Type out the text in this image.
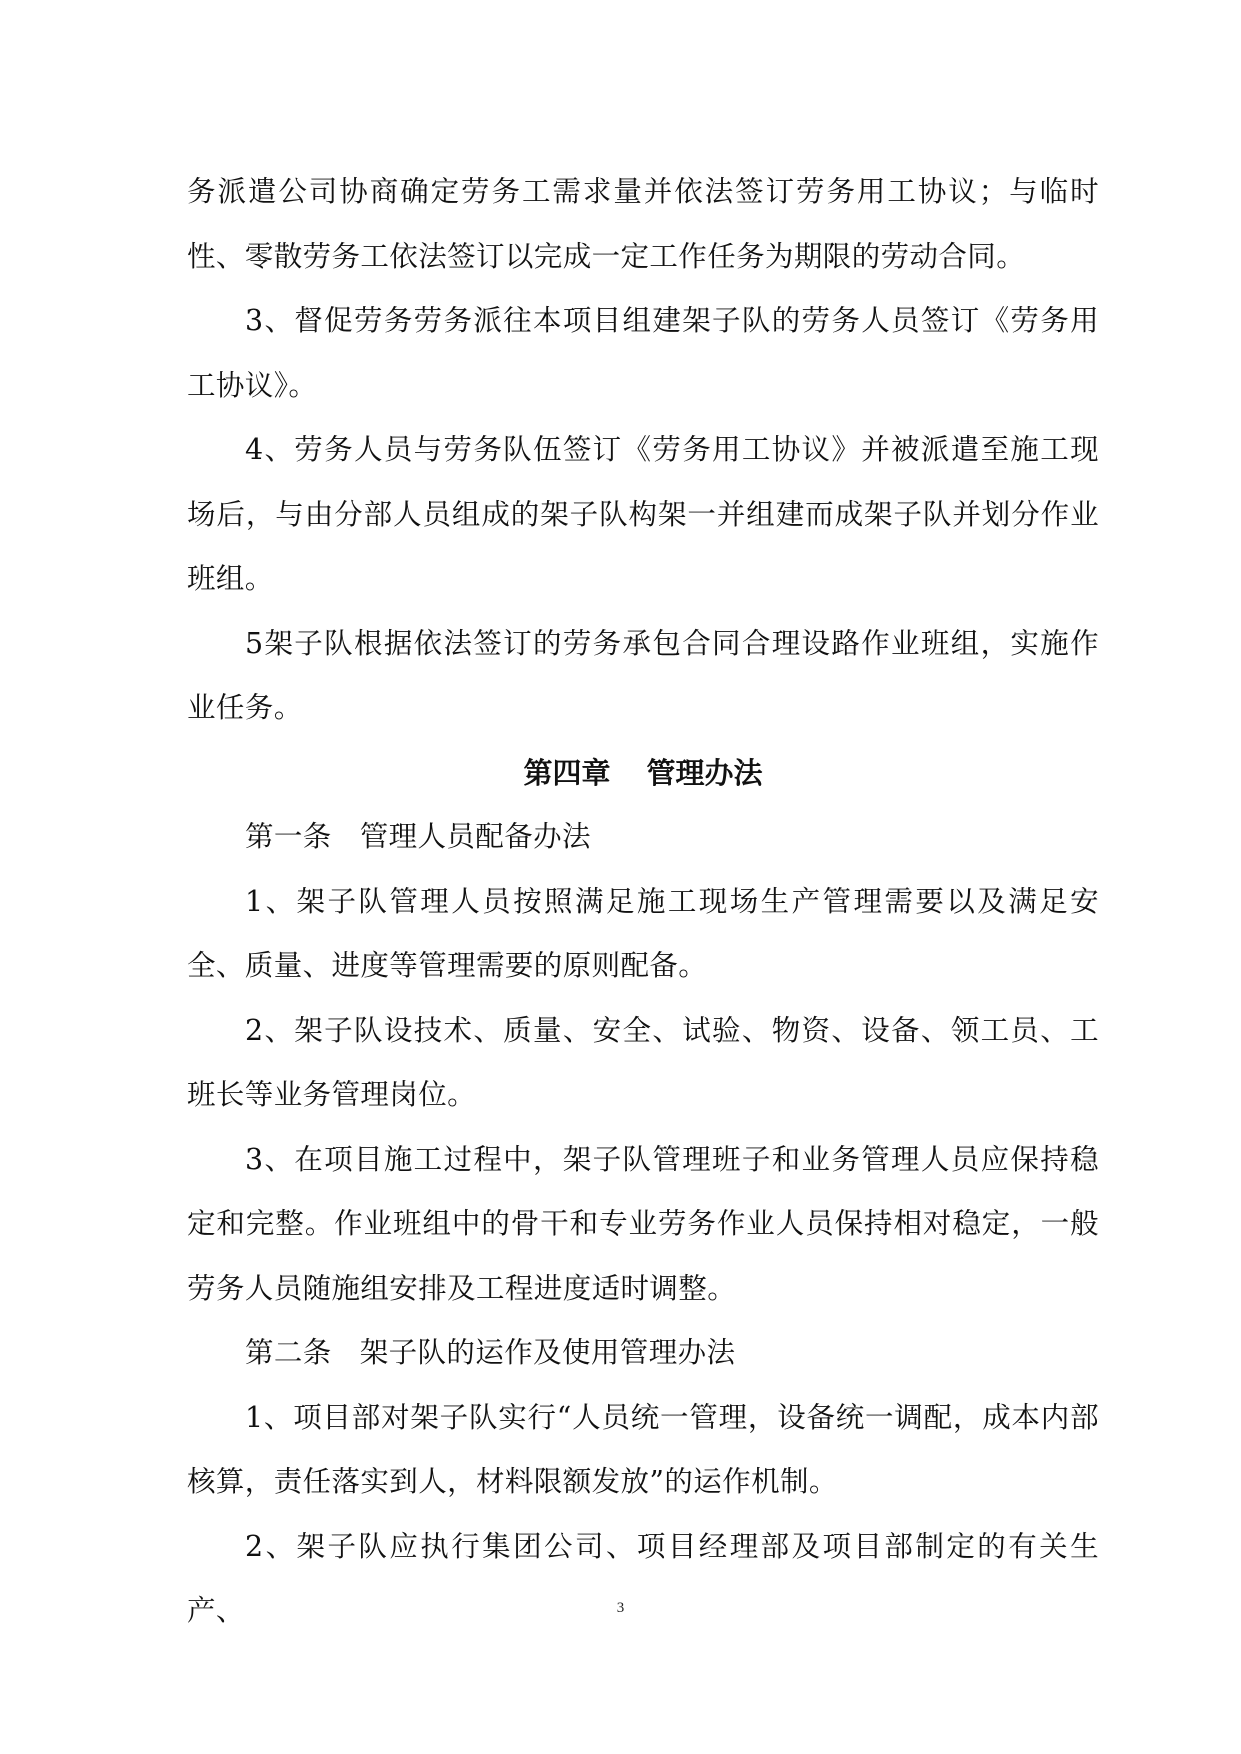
务派遣公司协商确定劳务工需求量并依法签订劳务用工协议；与临时性、零散劳务工依法签订以完成一定工作任务为期限的劳动合同。

3、督促劳务劳务派往本项目组建架子队的劳务人员签订《劳务用工协议》。

4、劳务人员与劳务队伍签订《劳务用工协议》并被派遣至施工现场后，与由分部人员组成的架子队构架一并组建而成架子队并划分作业班组。

5架子队根据依法签订的劳务承包合同合理设路作业班组，实施作业任务。

第四章 管理办法

第一条 管理人员配备办法

1、架子队管理人员按照满足施工现场生产管理需要以及满足安全、质量、进度等管理需要的原则配备。

2、架子队设技术、质量、安全、试验、物资、设备、领工员、工班长等业务管理岗位。

3、在项目施工过程中，架子队管理班子和业务管理人员应保持稳定和完整。作业班组中的骨干和专业劳务作业人员保持相对稳定，一般劳务人员随施组安排及工程进度适时调整。

第二条 架子队的运作及使用管理办法

1、项目部对架子队实行“人员统一管理，设备统一调配，成本内部核算，责任落实到人，材料限额发放”的运作机制。

2、架子队应执行集团公司、项目经理部及项目部制定的有关生产、	3
